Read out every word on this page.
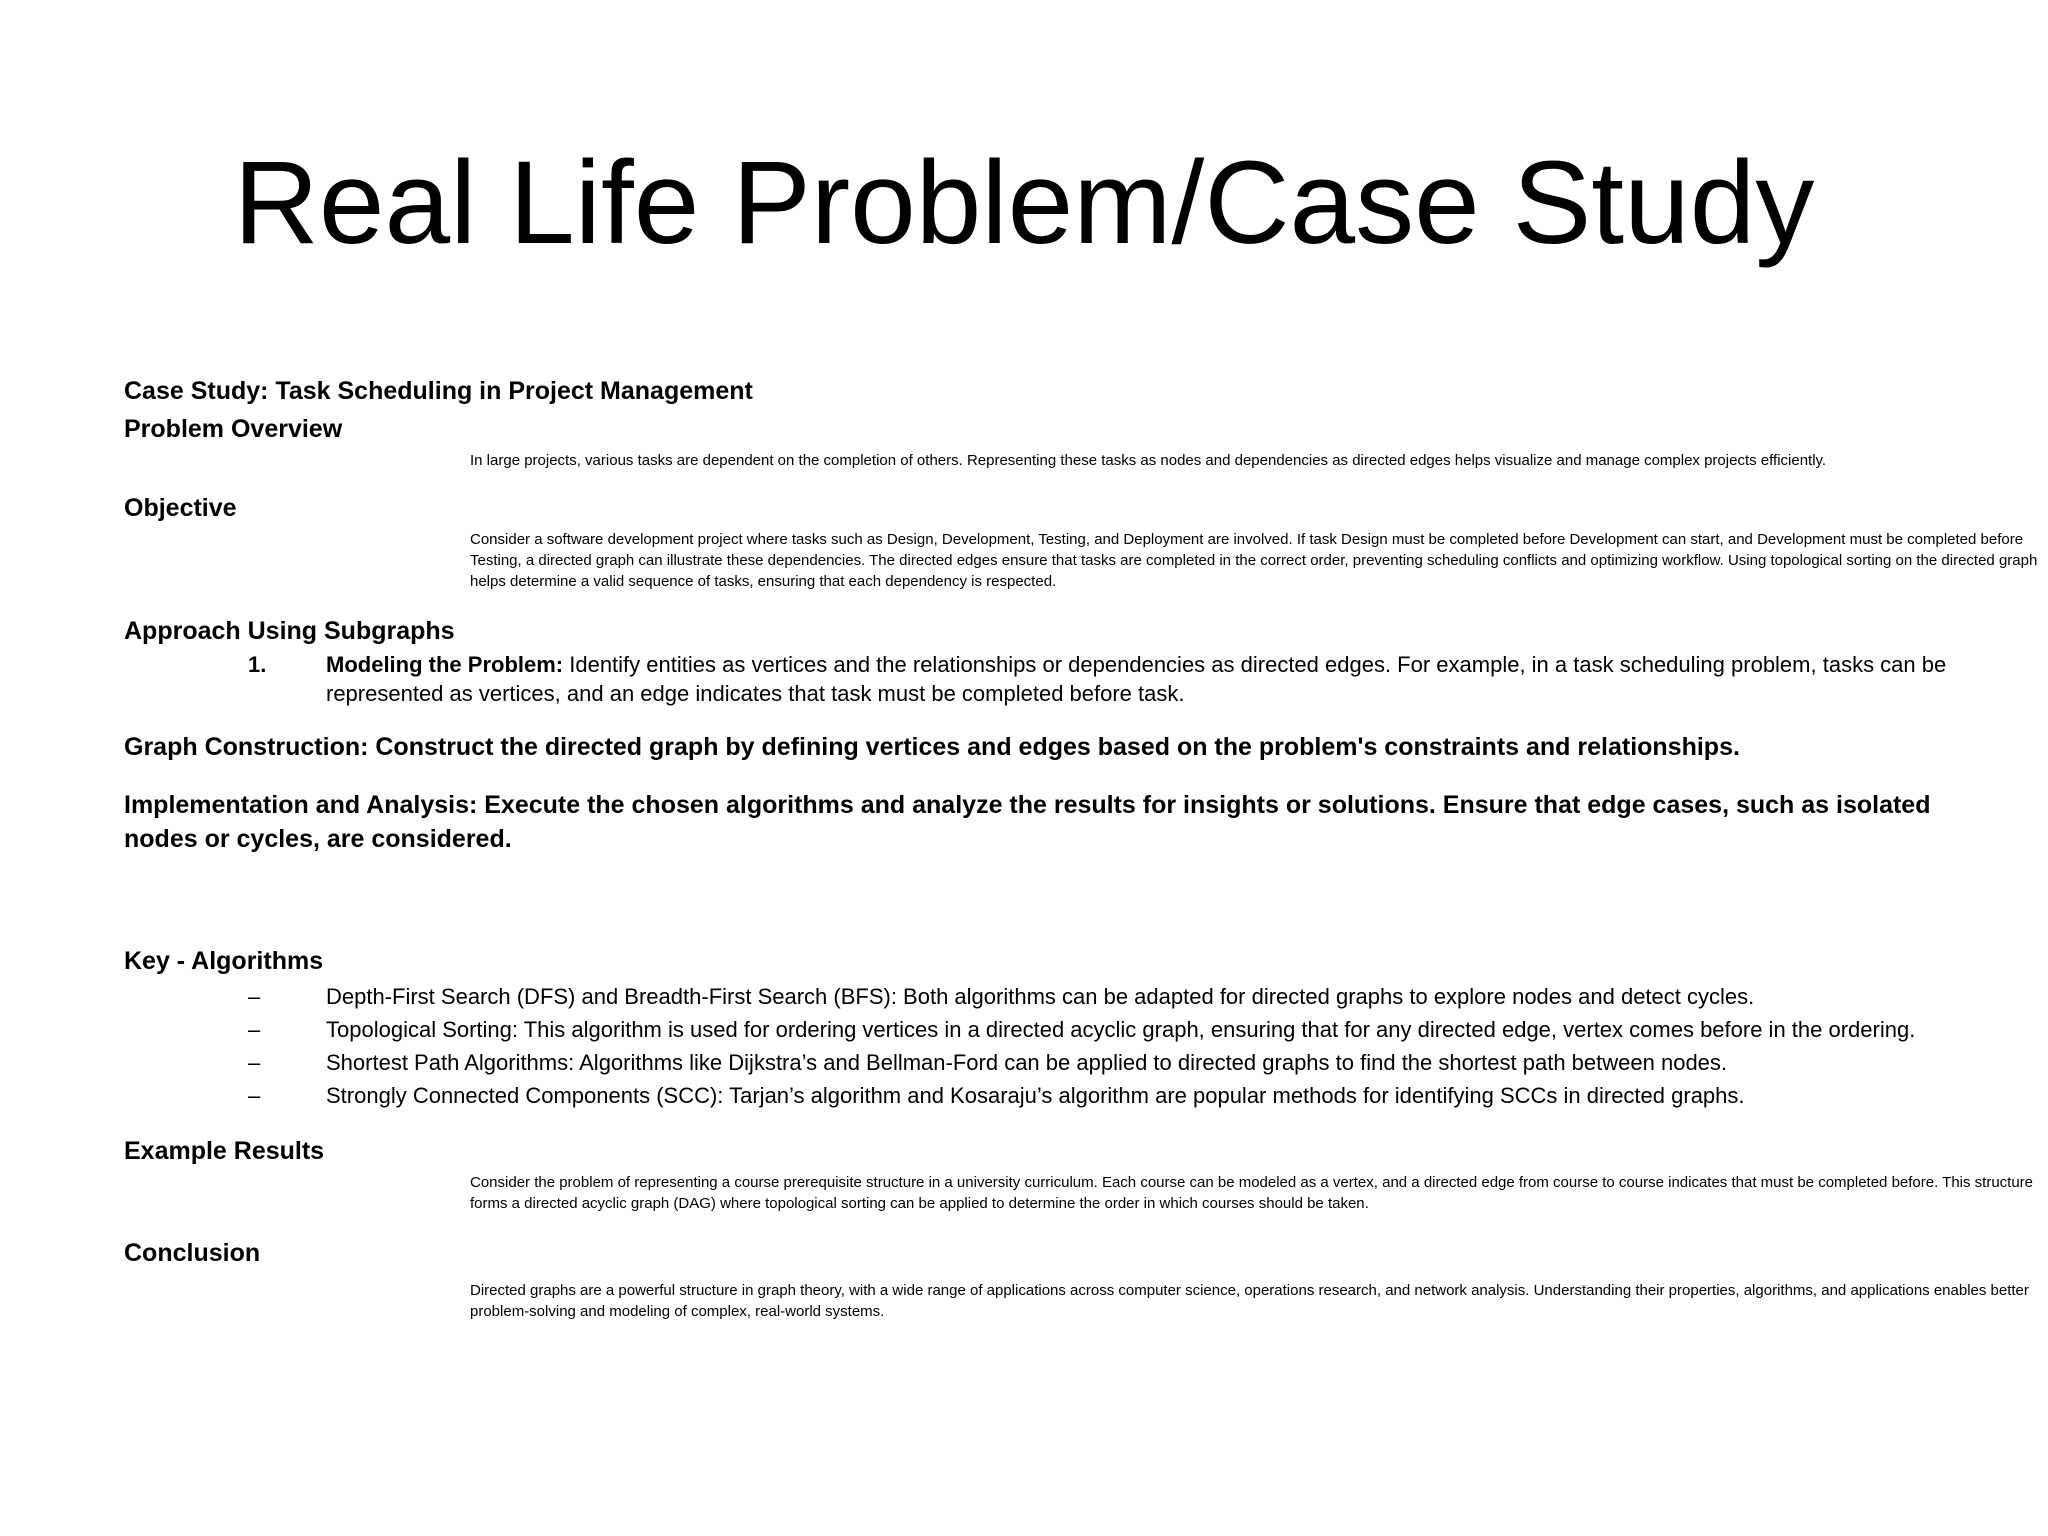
Real Life Problem/Case Study
Case Study: Task Scheduling in Project Management
Problem Overview
In large projects, various tasks are dependent on the completion of others. Representing these tasks as nodes and dependencies as directed edges helps visualize and manage complex projects efficiently.
Objective
Consider a software development project where tasks such as Design, Development, Testing, and Deployment are involved. If task Design must be completed before Development can start, and Development must be completed before Testing, a directed graph can illustrate these dependencies. The directed edges ensure that tasks are completed in the correct order, preventing scheduling conflicts and optimizing workflow. Using topological sorting on the directed graph helps determine a valid sequence of tasks, ensuring that each dependency is respected.
Approach Using Subgraphs
1.	Modeling the Problem: Identify entities as vertices and the relationships or dependencies as directed edges. For example, in a task scheduling problem, tasks can be represented as vertices, and an edge indicates that task must be completed before task.
Graph Construction: Construct the directed graph by defining vertices and edges based on the problem's constraints and relationships.
Implementation and Analysis: Execute the chosen algorithms and analyze the results for insights or solutions. Ensure that edge cases, such as isolated nodes or cycles, are considered.
Key - Algorithms
–	Depth-First Search (DFS) and Breadth-First Search (BFS): Both algorithms can be adapted for directed graphs to explore nodes and detect cycles.
–	Topological Sorting: This algorithm is used for ordering vertices in a directed acyclic graph, ensuring that for any directed edge, vertex comes before in the ordering.
–	Shortest Path Algorithms: Algorithms like Dijkstra’s and Bellman-Ford can be applied to directed graphs to find the shortest path between nodes.
–	Strongly Connected Components (SCC): Tarjan’s algorithm and Kosaraju’s algorithm are popular methods for identifying SCCs in directed graphs.
Example Results
Consider the problem of representing a course prerequisite structure in a university curriculum. Each course can be modeled as a vertex, and a directed edge from course to course indicates that must be completed before. This structure forms a directed acyclic graph (DAG) where topological sorting can be applied to determine the order in which courses should be taken.
Conclusion
Directed graphs are a powerful structure in graph theory, with a wide range of applications across computer science, operations research, and network analysis. Understanding their properties, algorithms, and applications enables better problem-solving and modeling of complex, real-world systems.
